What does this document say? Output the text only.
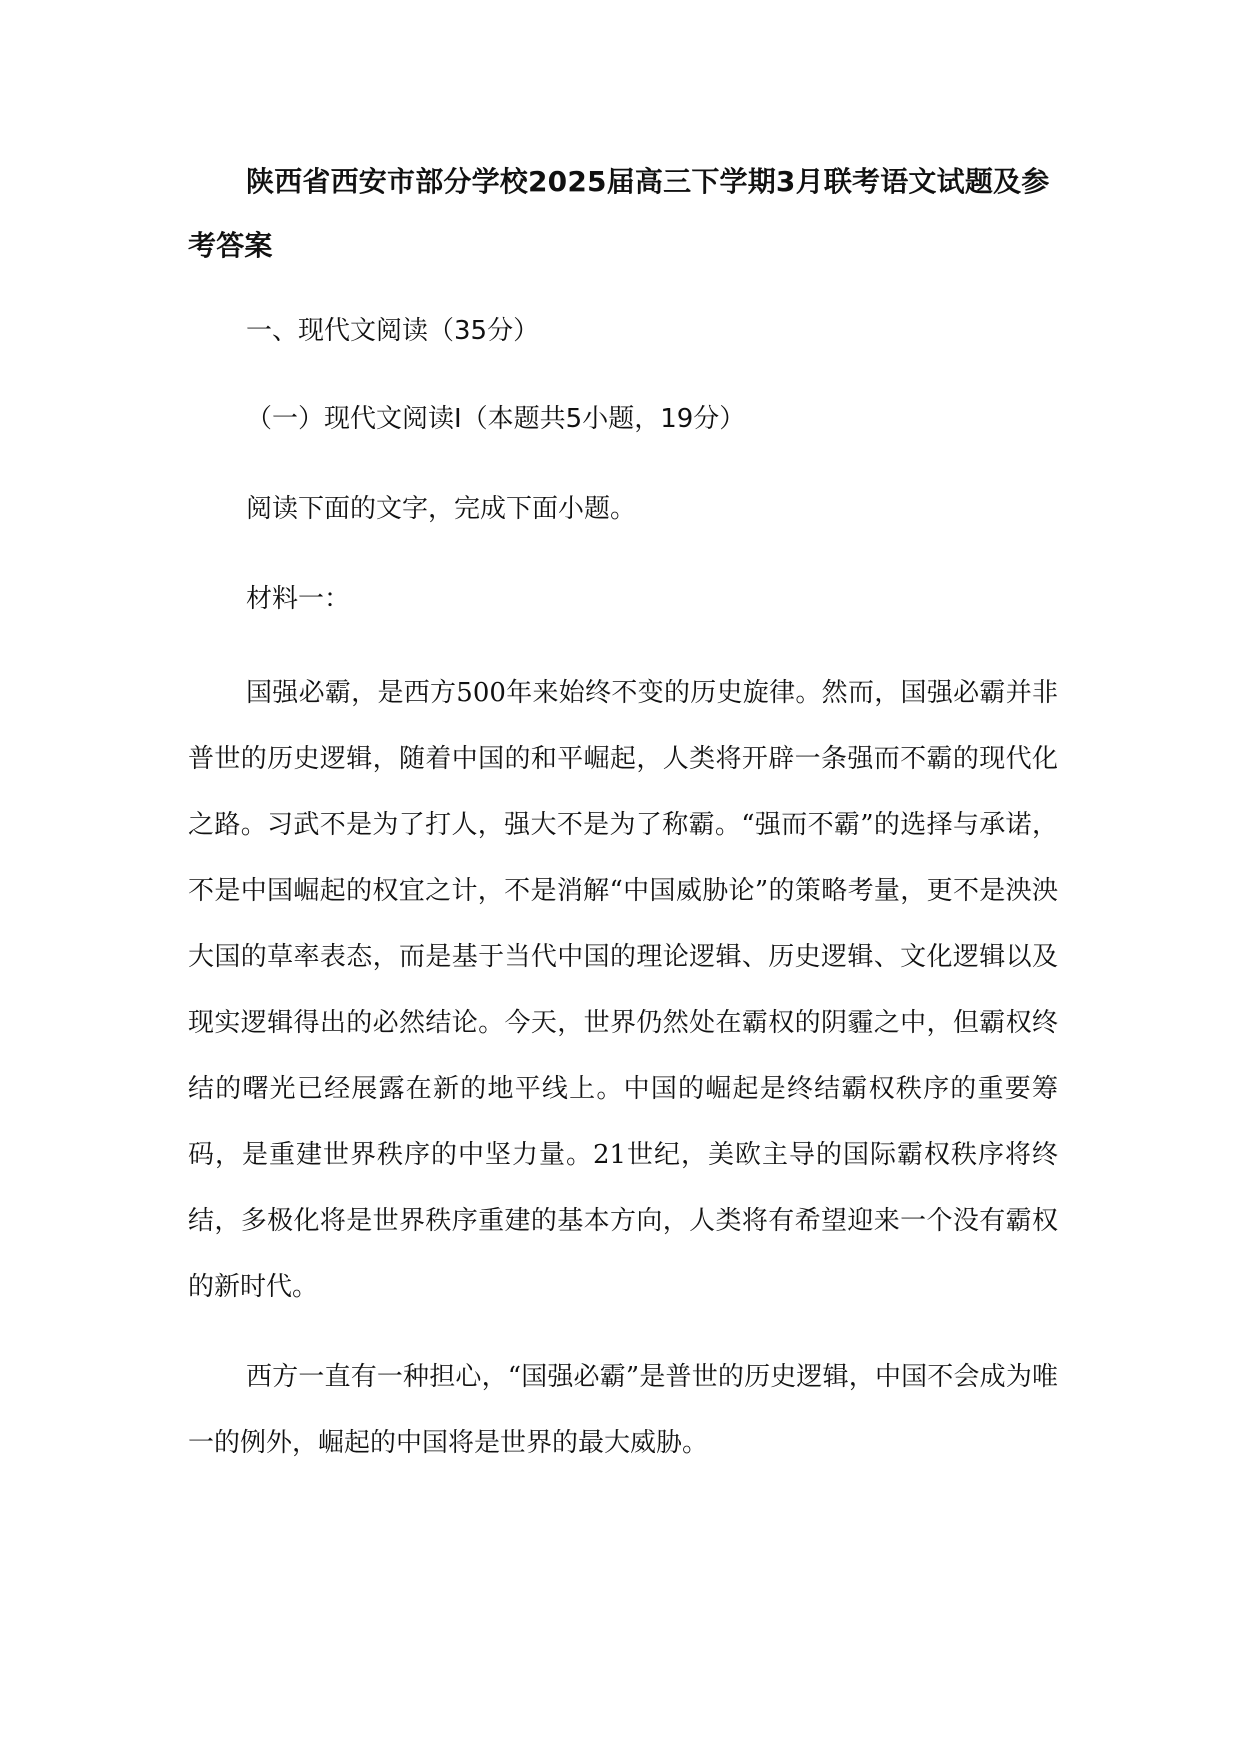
陕西省西安市部分学校2025届高三下学期3月联考语文试题及参考答案

一、现代文阅读（35分）

（一）现代文阅读Ⅰ（本题共5小题，19分）

阅读下面的文字，完成下面小题。

材料一：

国强必霸，是西方500年来始终不变的历史旋律。然而，国强必霸并非普世的历史逻辑，随着中国的和平崛起，人类将开辟一条强而不霸的现代化之路。习武不是为了打人，强大不是为了称霸。“强而不霸”的选择与承诺，不是中国崛起的权宜之计，不是消解“中国威胁论”的策略考量，更不是泱泱大国的草率表态，而是基于当代中国的理论逻辑、历史逻辑、文化逻辑以及现实逻辑得出的必然结论。今天，世界仍然处在霸权的阴霾之中，但霸权终结的曙光已经展露在新的地平线上。中国的崛起是终结霸权秩序的重要筹码，是重建世界秩序的中坚力量。21世纪，美欧主导的国际霸权秩序将终结，多极化将是世界秩序重建的基本方向，人类将有希望迎来一个没有霸权的新时代。

西方一直有一种担心，“国强必霸”是普世的历史逻辑，中国不会成为唯一的例外，崛起的中国将是世界的最大威胁。
